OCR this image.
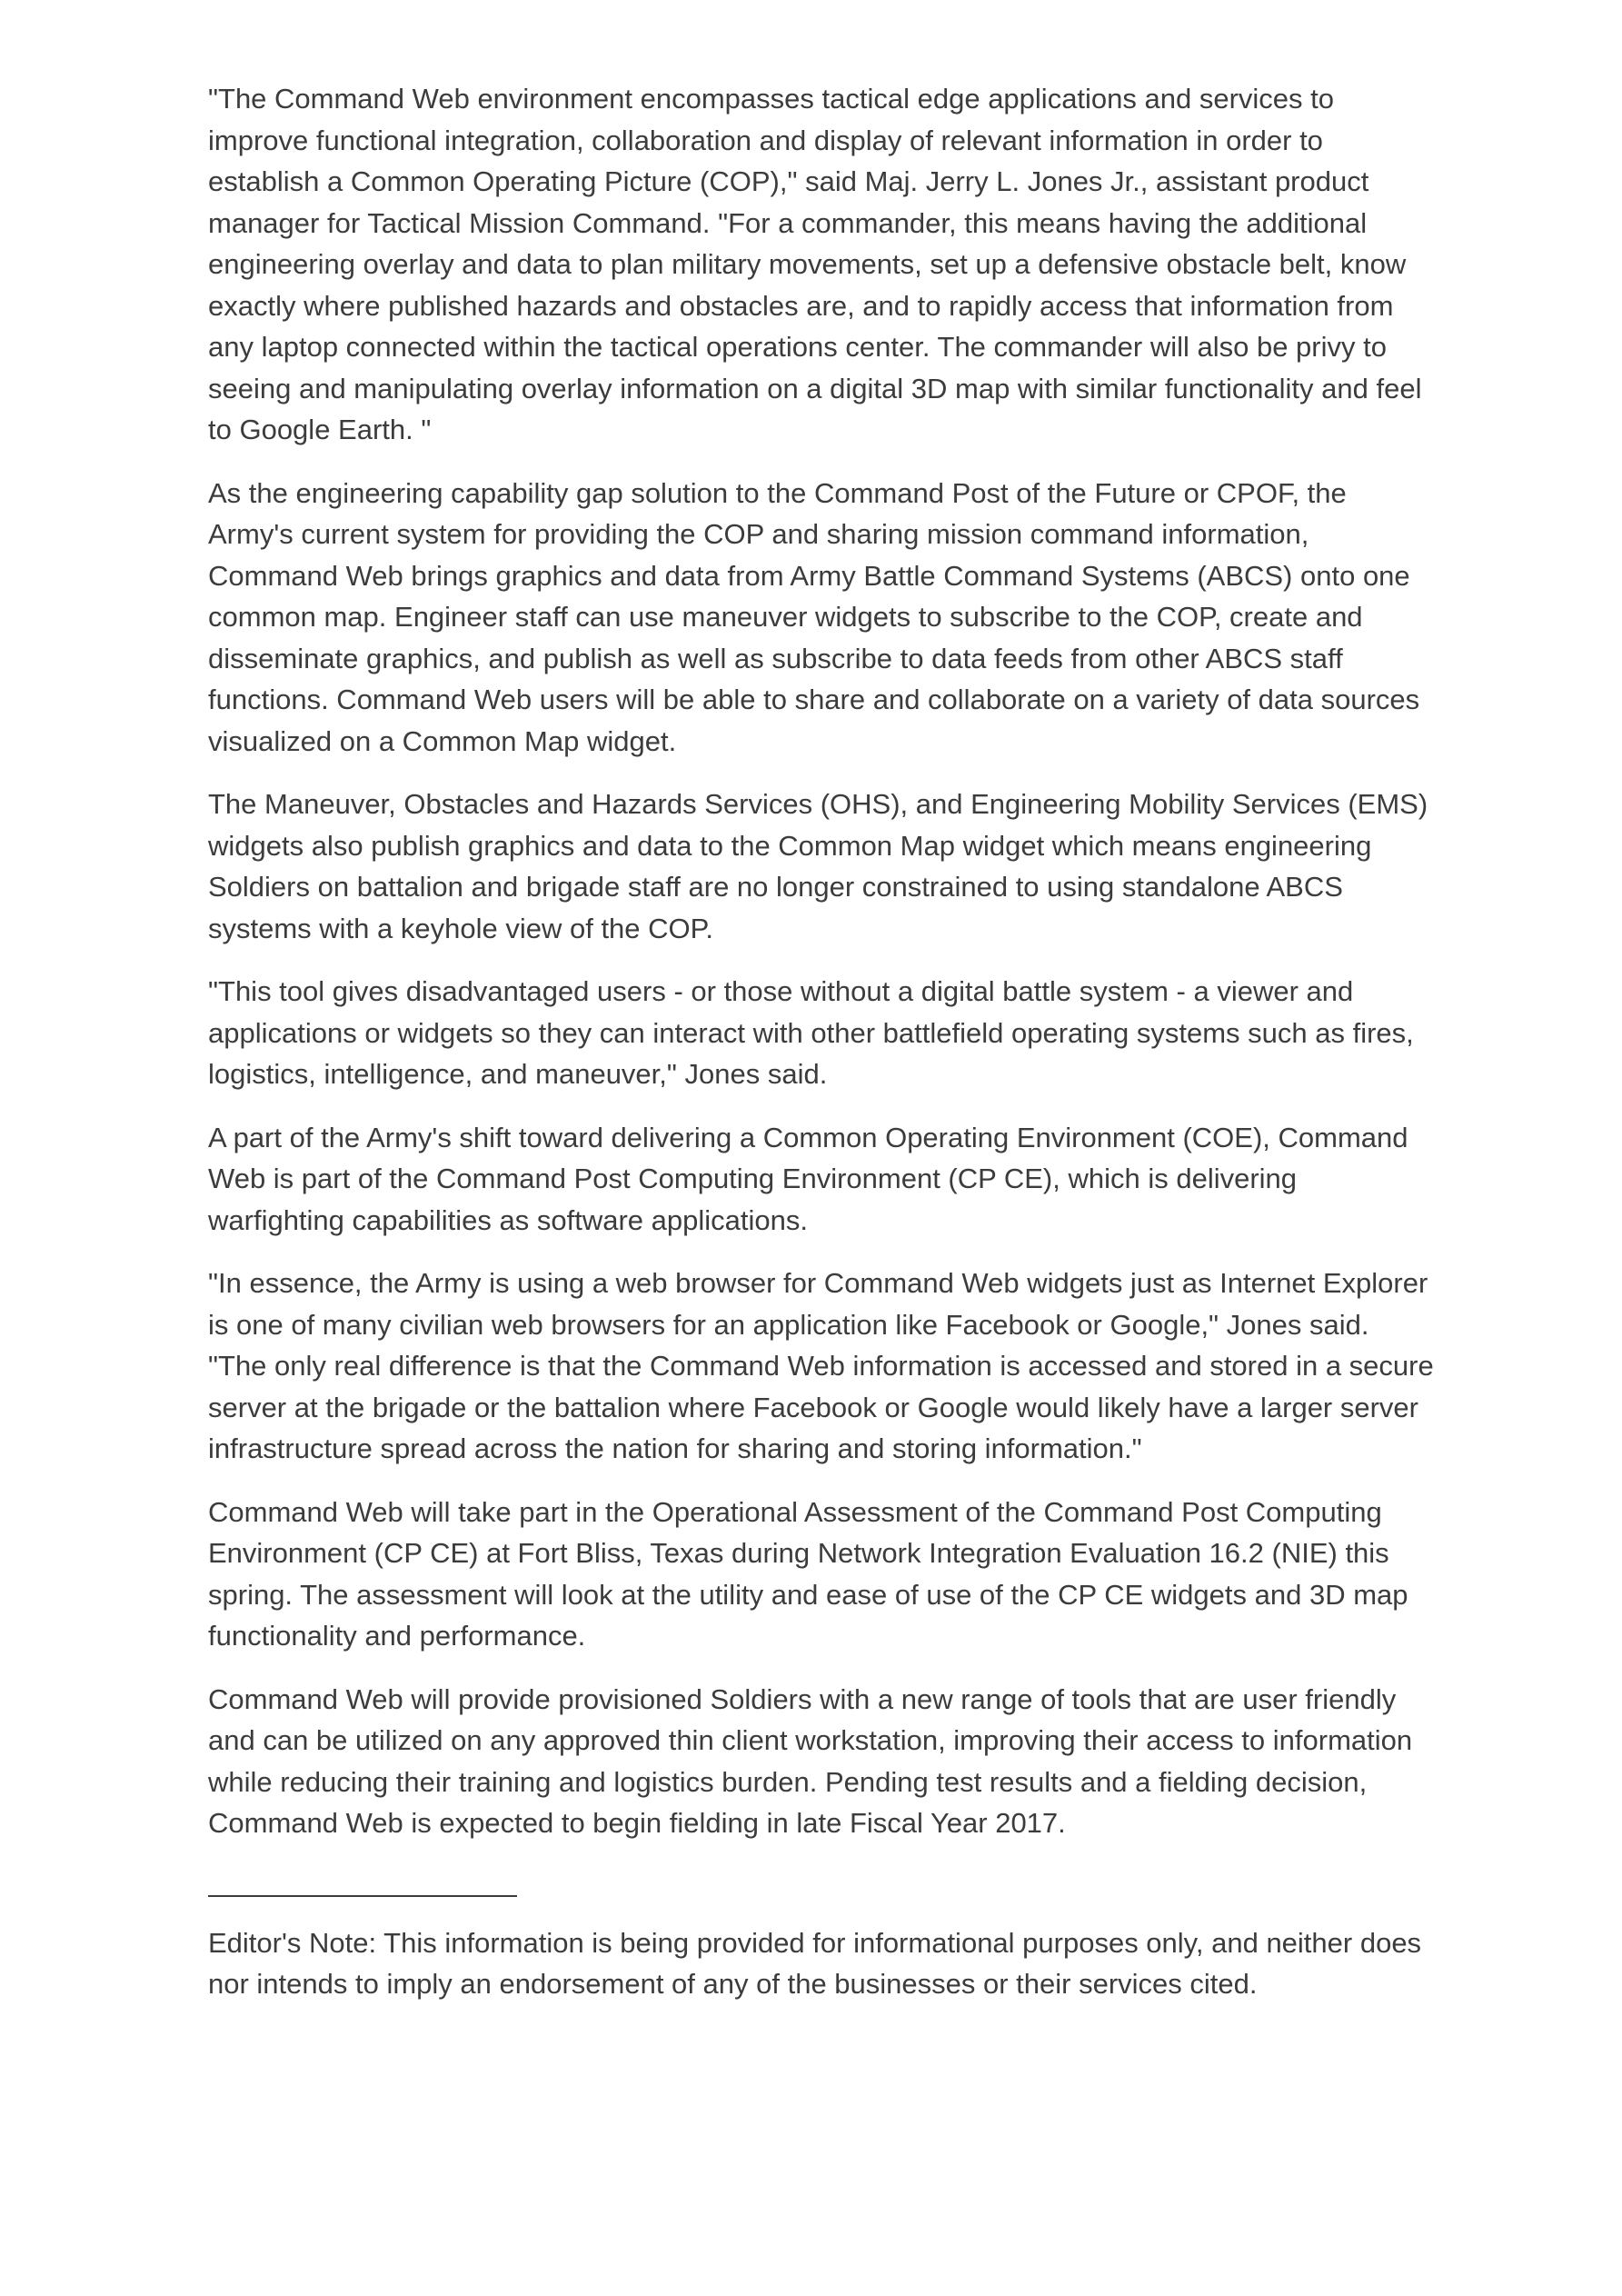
"The Command Web environment encompasses tactical edge applications and services to improve functional integration, collaboration and display of relevant information in order to establish a Common Operating Picture (COP)," said Maj. Jerry L. Jones Jr., assistant product manager for Tactical Mission Command. "For a commander, this means having the additional engineering overlay and data to plan military movements, set up a defensive obstacle belt, know exactly where published hazards and obstacles are, and to rapidly access that information from any laptop connected within the tactical operations center. The commander will also be privy to seeing and manipulating overlay information on a digital 3D map with similar functionality and feel to Google Earth. "

As the engineering capability gap solution to the Command Post of the Future or CPOF, the Army's current system for providing the COP and sharing mission command information, Command Web brings graphics and data from Army Battle Command Systems (ABCS) onto one common map. Engineer staff can use maneuver widgets to subscribe to the COP, create and disseminate graphics, and publish as well as subscribe to data feeds from other ABCS staff functions. Command Web users will be able to share and collaborate on a variety of data sources visualized on a Common Map widget.

The Maneuver, Obstacles and Hazards Services (OHS), and Engineering Mobility Services (EMS) widgets also publish graphics and data to the Common Map widget which means engineering Soldiers on battalion and brigade staff are no longer constrained to using standalone ABCS systems with a keyhole view of the COP.

"This tool gives disadvantaged users - or those without a digital battle system - a viewer and applications or widgets so they can interact with other battlefield operating systems such as fires, logistics, intelligence, and maneuver," Jones said.

A part of the Army's shift toward delivering a Common Operating Environment (COE), Command Web is part of the Command Post Computing Environment (CP CE), which is delivering warfighting capabilities as software applications.

"In essence, the Army is using a web browser for Command Web widgets just as Internet Explorer is one of many civilian web browsers for an application like Facebook or Google," Jones said. "The only real difference is that the Command Web information is accessed and stored in a secure server at the brigade or the battalion where Facebook or Google would likely have a larger server infrastructure spread across the nation for sharing and storing information."

Command Web will take part in the Operational Assessment of the Command Post Computing Environment (CP CE) at Fort Bliss, Texas during Network Integration Evaluation 16.2 (NIE) this spring. The assessment will look at the utility and ease of use of the CP CE widgets and 3D map functionality and performance.

Command Web will provide provisioned Soldiers with a new range of tools that are user friendly and can be utilized on any approved thin client workstation, improving their access to information while reducing their training and logistics burden. Pending test results and a fielding decision, Command Web is expected to begin fielding in late Fiscal Year 2017.

Editor's Note: This information is being provided for informational purposes only, and neither does nor intends to imply an endorsement of any of the businesses or their services cited.
